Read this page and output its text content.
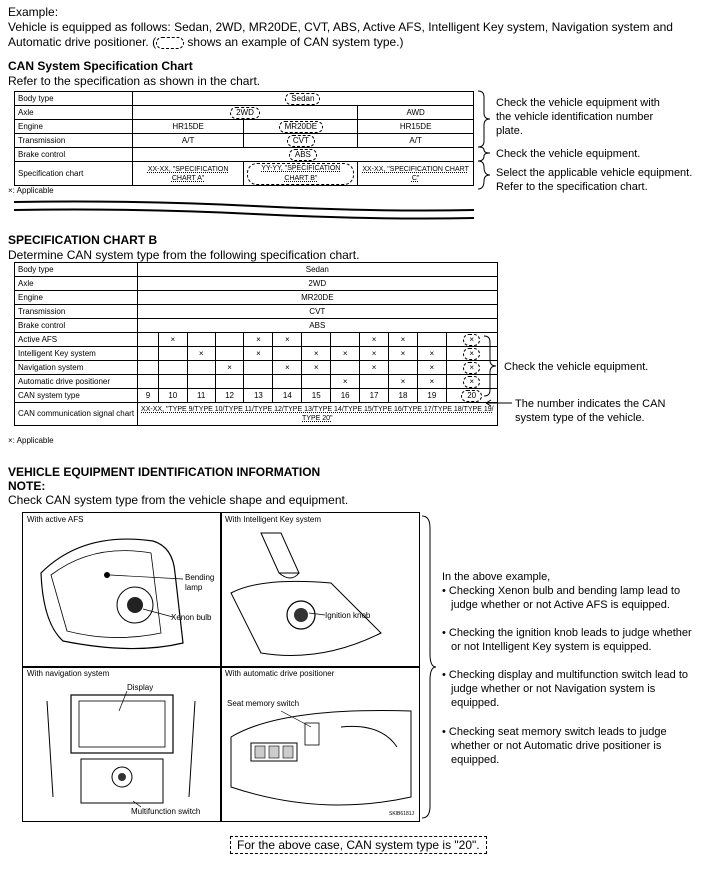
Example:
Vehicle is equipped as follows: Sedan, 2WD, MR20DE, CVT, ABS, Active AFS, Intelligent Key system, Navigation system and
Automatic drive positioner. ( shows an example of CAN system type.)
CAN System Specification Chart
Refer to the specification as shown in the chart.
Body type	Sedan		
Axle	2WD		AWD
Engine	HR15DE	MR20DE	HR15DE
Transmission	A/T	CVT	A/T
Brake control	ABS		
Specification chart	XX-XX, "SPECIFICATION CHART A"	YY-YY, "SPECIFICATION CHART B"	XX-XX, "SPECIFICATION CHART C"
×: Applicable
Check the vehicle equipment with
the vehicle identification number
plate.
Check the vehicle equipment.
Select the applicable vehicle equipment.
Refer to the specification chart.
SPECIFICATION CHART B
Determine CAN system type from the following specification chart.
Body type	Sedan											
Axle	2WD											
Engine	MR20DE											
Transmission	CVT											
Brake control	ABS											
Active AFS		×			×	×			×	×		×
Intelligent Key system			×		×		×	×	×	×	×	×
Navigation system				×		×	×		×		×	×
Automatic drive positioner								×		×	×	×
CAN system type	9	10	11	12	13	14	15	16	17	18	19	20
CAN communication signal chart	XX-XX, "TYPE 9/TYPE 10/TYPE 11/TYPE 12/TYPE 13/TYPE 14/TYPE 15/TYPE 16/TYPE 17/TYPE 18/TYPE 19/
TYPE 20"											
×: Applicable
Check the vehicle equipment.
The number indicates the CAN
system type of the vehicle.
VEHICLE EQUIPMENT IDENTIFICATION INFORMATION
NOTE:
Check CAN system type from the vehicle shape and equipment.
With active AFS
Bending
lamp
Xenon bulb
With Intelligent Key system
Ignition knob
With navigation system
Display
Multifunction switch
With automatic drive positioner
Seat memory switch
SKIB6181J
In the above example,
• Checking Xenon bulb and bending lamp lead to
judge whether or not Active AFS is equipped.
• Checking the ignition knob leads to judge whether
or not Intelligent Key system is equipped.
• Checking display and multifunction switch lead to
judge whether or not Navigation system is
equipped.
• Checking seat memory switch leads to judge
whether or not Automatic drive positioner is
equipped.
For the above case, CAN system type is "20".
